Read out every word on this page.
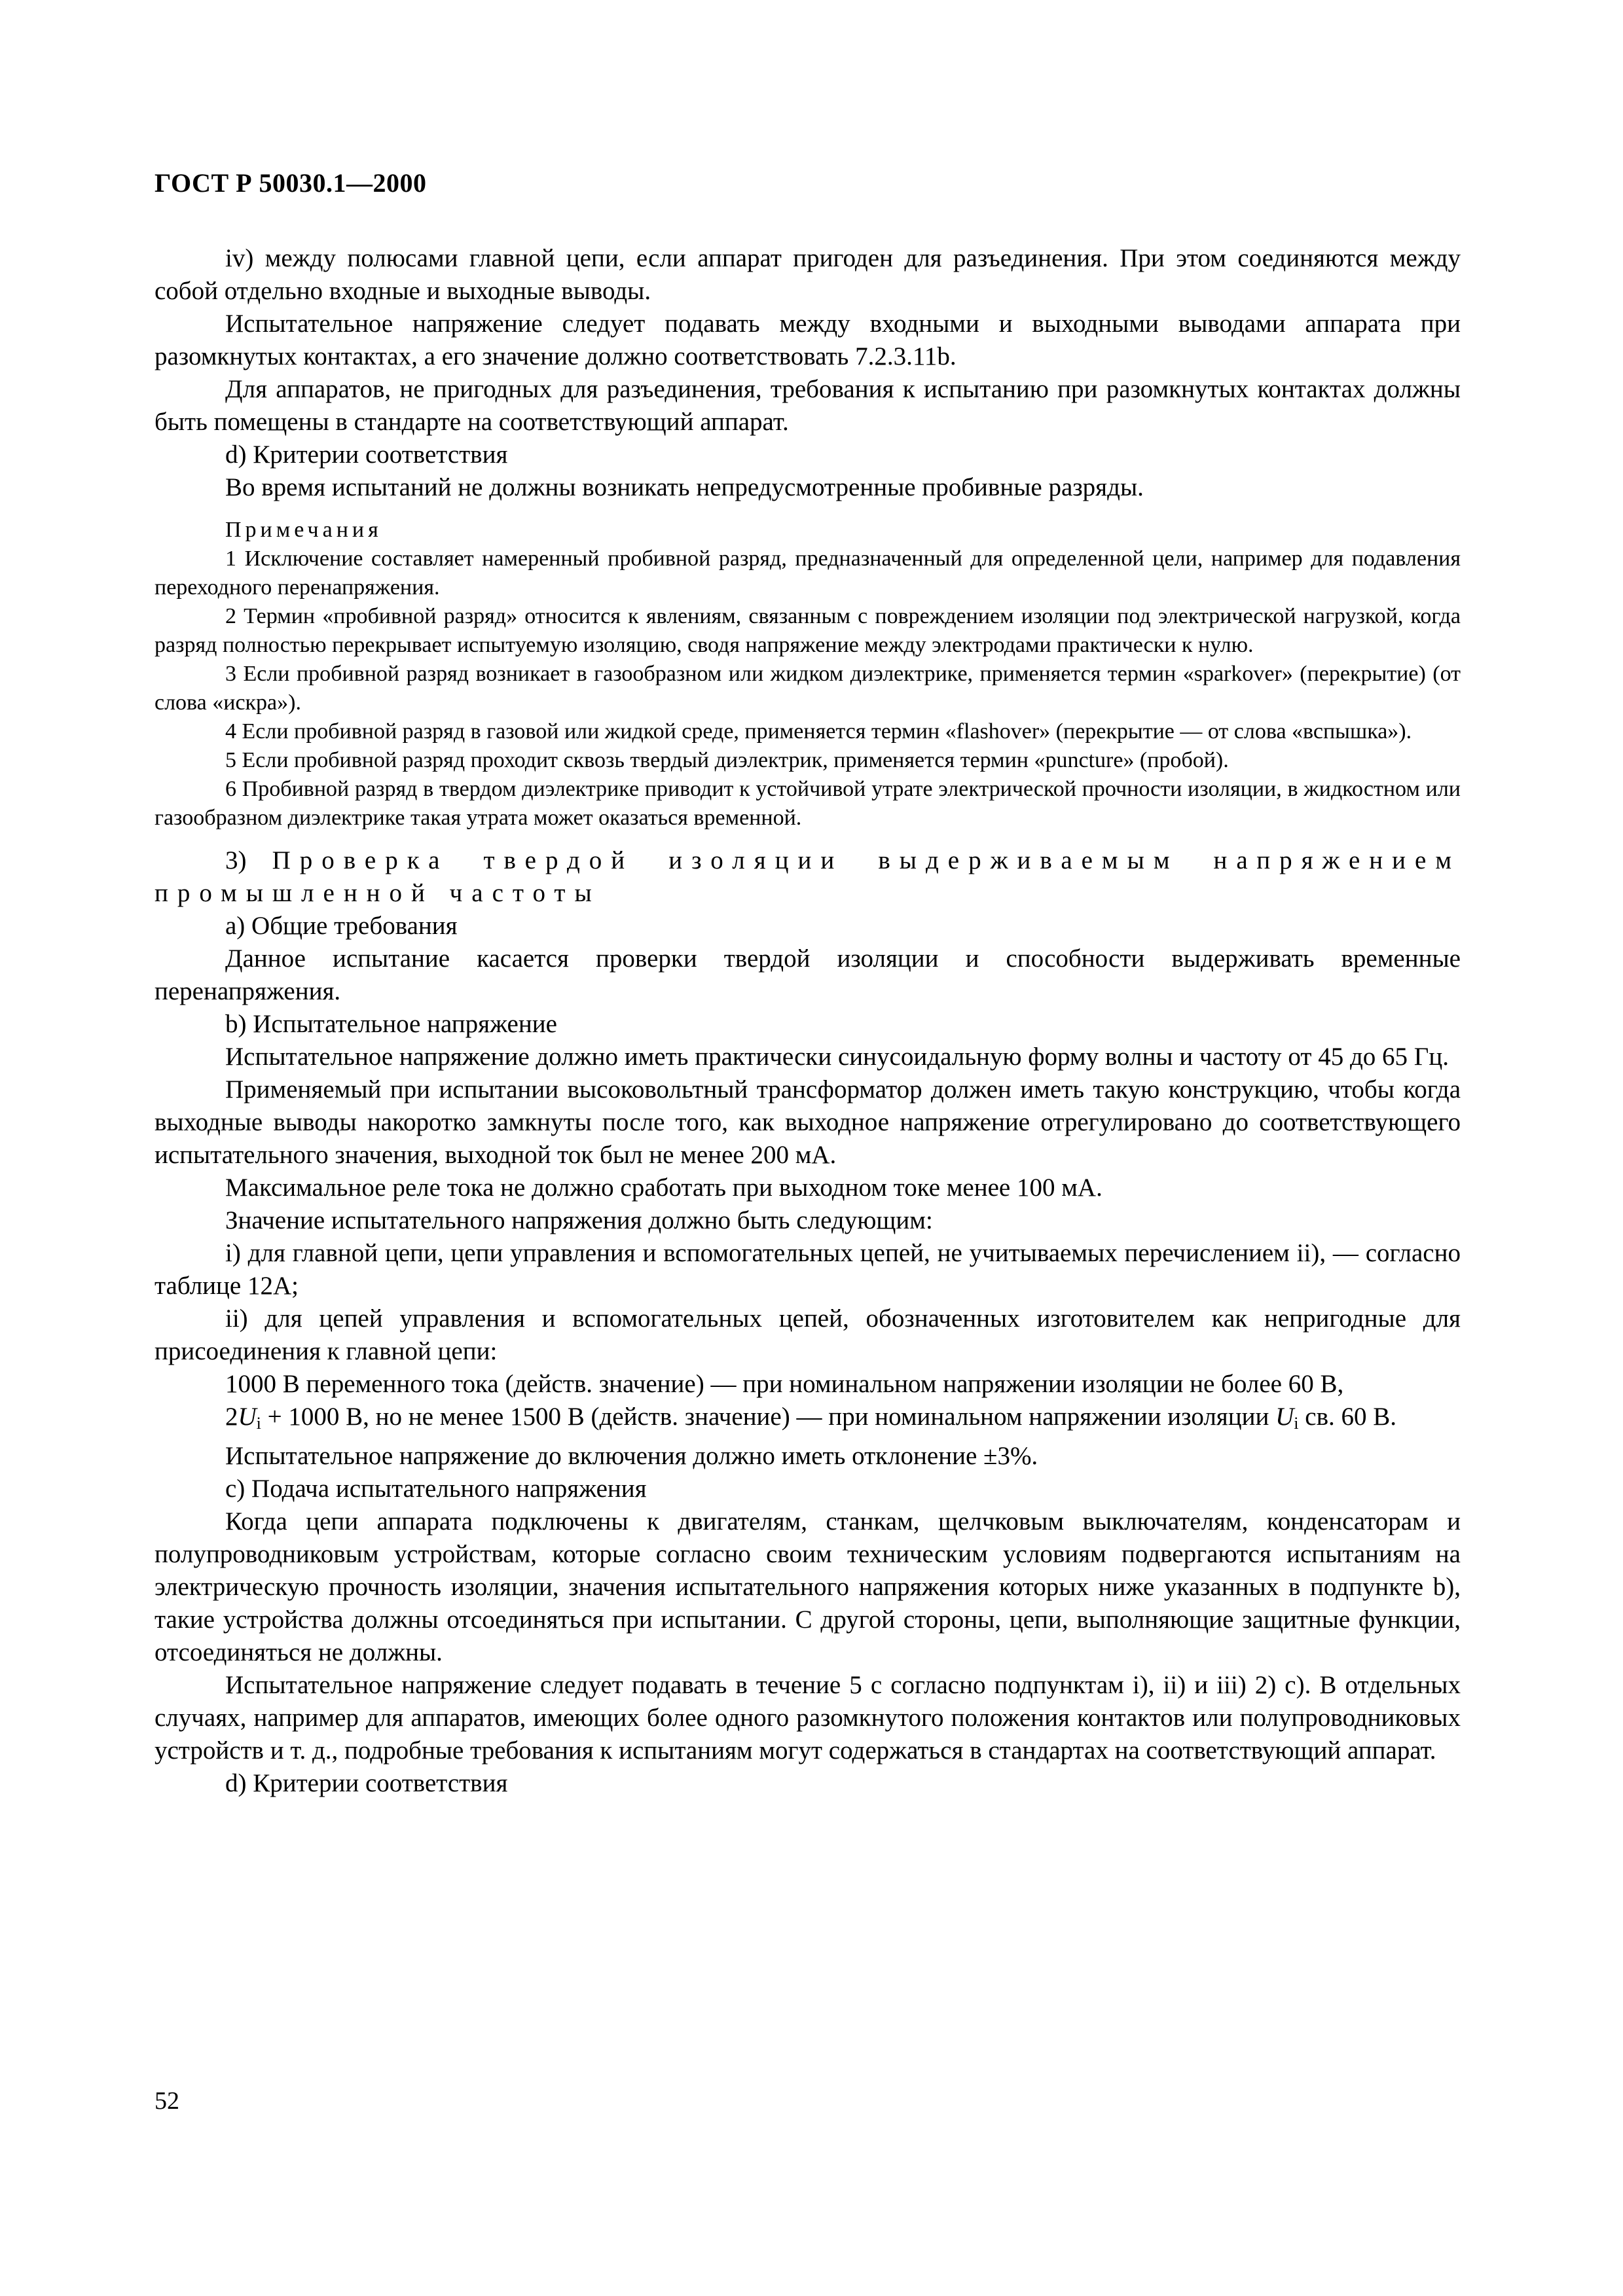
ГОСТ Р 50030.1—2000

iv) между полюсами главной цепи, если аппарат пригоден для разъединения. При этом соединяются между собой отдельно входные и выходные выводы.

Испытательное напряжение следует подавать между входными и выходными выводами аппарата при разомкнутых контактах, а его значение должно соответствовать 7.2.3.11b.

Для аппаратов, не пригодных для разъединения, требования к испытанию при разомкнутых контактах должны быть помещены в стандарте на соответствующий аппарат.

d) Критерии соответствия

Во время испытаний не должны возникать непредусмотренные пробивные разряды.

Примечания

1 Исключение составляет намеренный пробивной разряд, предназначенный для определенной цели, например для подавления переходного перенапряжения.

2 Термин «пробивной разряд» относится к явлениям, связанным с повреждением изоляции под электрической нагрузкой, когда разряд полностью перекрывает испытуемую изоляцию, сводя напряжение между электродами практически к нулю.

3 Если пробивной разряд возникает в газообразном или жидком диэлектрике, применяется термин «sparkover» (перекрытие) (от слова «искра»).

4 Если пробивной разряд в газовой или жидкой среде, применяется термин «flashover» (перекрытие — от слова «вспышка»).

5 Если пробивной разряд проходит сквозь твердый диэлектрик, применяется термин «puncture» (пробой).

6 Пробивной разряд в твердом диэлектрике приводит к устойчивой утрате электрической прочности изоляции, в жидкостном или газообразном диэлектрике такая утрата может оказаться временной.

3) Проверка твердой изоляции выдерживаемым напряжением промышленной частоты

a) Общие требования

Данное испытание касается проверки твердой изоляции и способности выдерживать временные перенапряжения.

b) Испытательное напряжение

Испытательное напряжение должно иметь практически синусоидальную форму волны и частоту от 45 до 65 Гц.

Применяемый при испытании высоковольтный трансформатор должен иметь такую конструкцию, чтобы когда выходные выводы накоротко замкнуты после того, как выходное напряжение отрегулировано до соответствующего испытательного значения, выходной ток был не менее 200 мА.

Максимальное реле тока не должно сработать при выходном токе менее 100 мА.

Значение испытательного напряжения должно быть следующим:

i) для главной цепи, цепи управления и вспомогательных цепей, не учитываемых перечислением ii), — согласно таблице 12А;

ii) для цепей управления и вспомогательных цепей, обозначенных изготовителем как непригодные для присоединения к главной цепи:

1000 В переменного тока (действ. значение) — при номинальном напряжении изоляции не более 60 В,

$2U_i + 1000$ В, но не менее 1500 В (действ. значение) — при номинальном напряжении изоляции $U_i$ св. 60 В.

Испытательное напряжение до включения должно иметь отклонение ±3%.

c) Подача испытательного напряжения

Когда цепи аппарата подключены к двигателям, станкам, щелчковым выключателям, конденсаторам и полупроводниковым устройствам, которые согласно своим техническим условиям подвергаются испытаниям на электрическую прочность изоляции, значения испытательного напряжения которых ниже указанных в подпункте b), такие устройства должны отсоединяться при испытании. С другой стороны, цепи, выполняющие защитные функции, отсоединяться не должны.

Испытательное напряжение следует подавать в течение 5 с согласно подпунктам i), ii) и iii) 2) c). В отдельных случаях, например для аппаратов, имеющих более одного разомкнутого положения контактов или полупроводниковых устройств и т. д., подробные требования к испытаниям могут содержаться в стандартах на соответствующий аппарат.

d) Критерии соответствия

52
